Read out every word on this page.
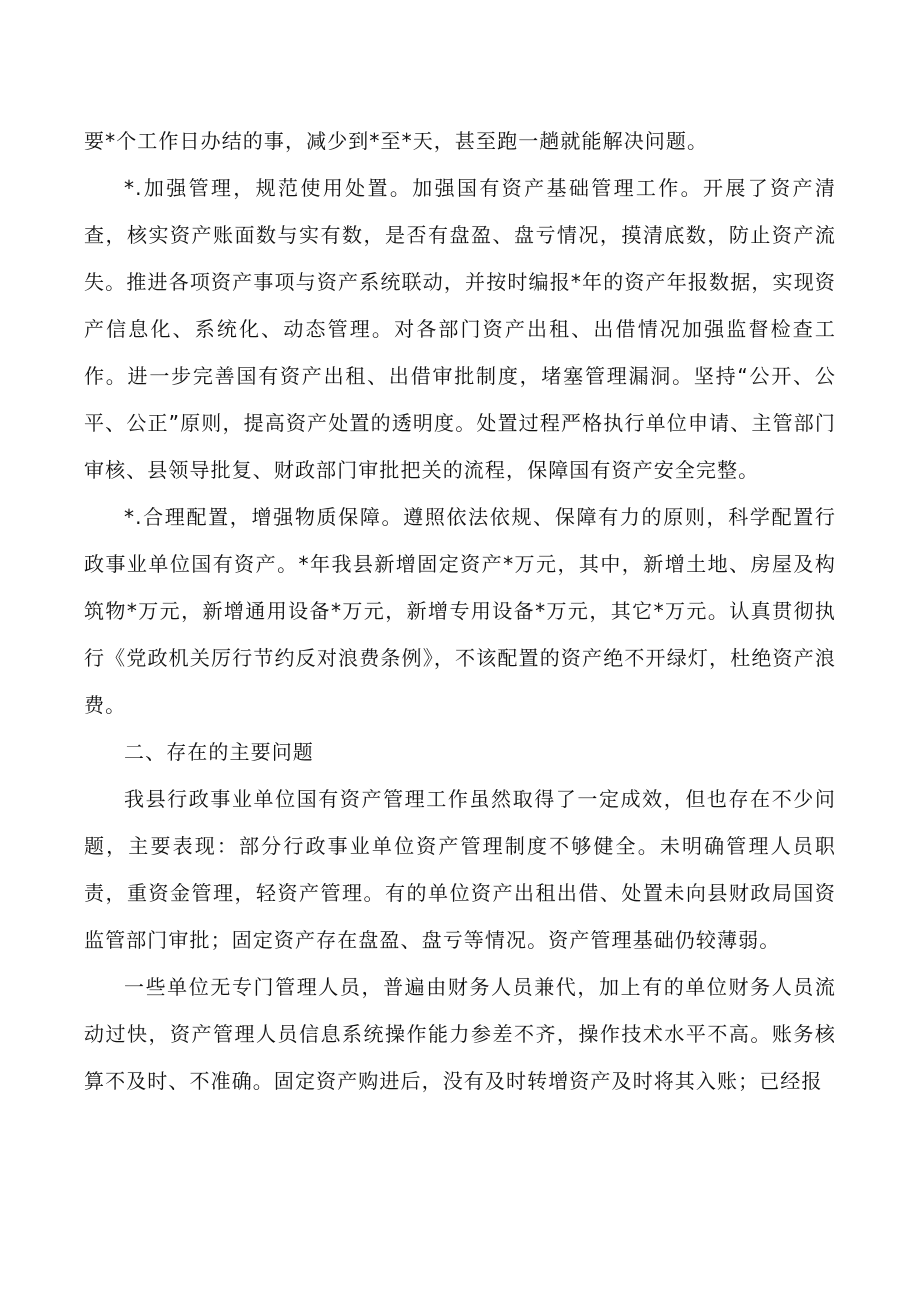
要*个工作日办结的事，减少到*至*天，甚至跑一趟就能解决问题。

*.加强管理，规范使用处置。加强国有资产基础管理工作。开展了资产清查，核实资产账面数与实有数，是否有盘盈、盘亏情况，摸清底数，防止资产流失。推进各项资产事项与资产系统联动，并按时编报*年的资产年报数据，实现资产信息化、系统化、动态管理。对各部门资产出租、出借情况加强监督检查工作。进一步完善国有资产出租、出借审批制度，堵塞管理漏洞。坚持“公开、公平、公正”原则，提高资产处置的透明度。处置过程严格执行单位申请、主管部门审核、县领导批复、财政部门审批把关的流程，保障国有资产安全完整。

*.合理配置，增强物质保障。遵照依法依规、保障有力的原则，科学配置行政事业单位国有资产。*年我县新增固定资产*万元，其中，新增土地、房屋及构筑物*万元，新增通用设备*万元，新增专用设备*万元，其它*万元。认真贯彻执行《党政机关厉行节约反对浪费条例》，不该配置的资产绝不开绿灯，杜绝资产浪费。

二、存在的主要问题

我县行政事业单位国有资产管理工作虽然取得了一定成效，但也存在不少问题，主要表现：部分行政事业单位资产管理制度不够健全。未明确管理人员职责，重资金管理，轻资产管理。有的单位资产出租出借、处置未向县财政局国资监管部门审批；固定资产存在盘盈、盘亏等情况。资产管理基础仍较薄弱。

一些单位无专门管理人员，普遍由财务人员兼代，加上有的单位财务人员流动过快，资产管理人员信息系统操作能力参差不齐，操作技术水平不高。账务核算不及时、不准确。固定资产购进后，没有及时转增资产及时将其入账；已经报
